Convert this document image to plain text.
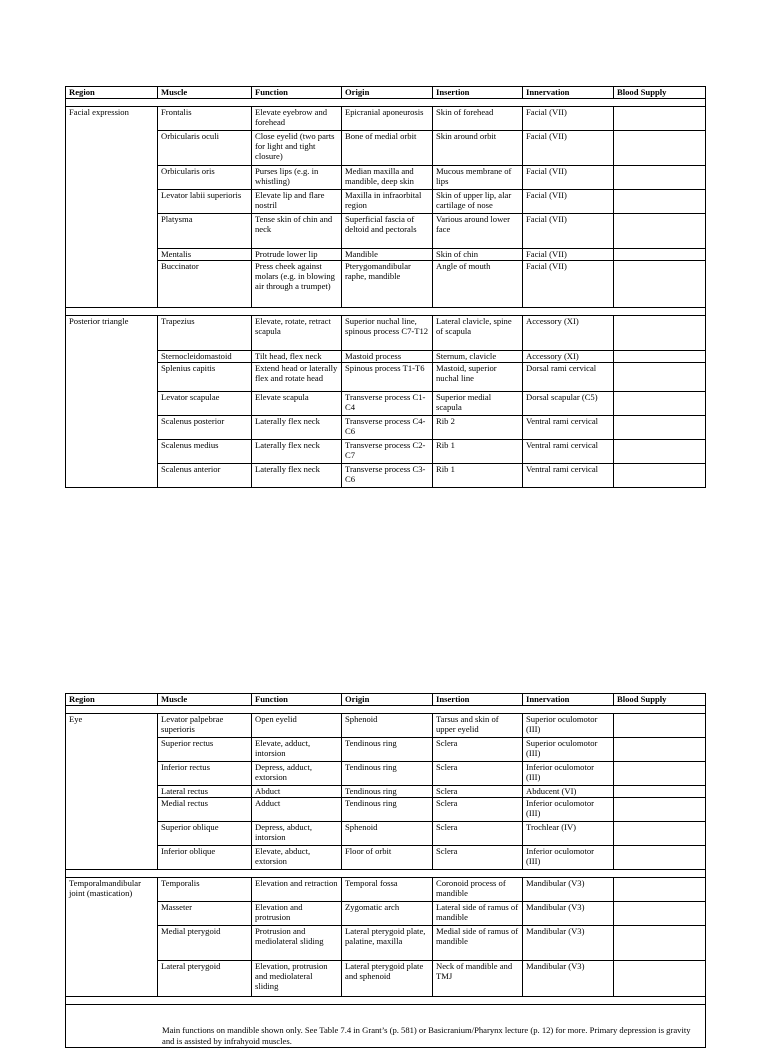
Region	Muscle	Function	Origin	Insertion	Innervation	Blood Supply

Facial expression	Frontalis	Elevate eyebrow and forehead	Epicranial aponeurosis	Skin of forehead	Facial (VII)	
	Orbicularis oculi	Close eyelid (two parts for light and tight closure)	Bone of medial orbit	Skin around orbit	Facial (VII)	
	Orbicularis oris	Purses lips (e.g. in whistling)	Median maxilla and mandible, deep skin	Mucous membrane of lips	Facial (VII)	
	Levator labii superioris	Elevate lip and flare nostril	Maxilla in infraorbital region	Skin of upper lip, alar cartilage of nose	Facial (VII)	
	Platysma	Tense skin of chin and neck	Superficial fascia of deltoid and pectorals	Various around lower face	Facial (VII)	
	Mentalis	Protrude lower lip	Mandible	Skin of chin	Facial (VII)	
	Buccinator	Press cheek against molars (e.g. in blowing air through a trumpet)	Pterygomandibular raphe, mandible	Angle of mouth	Facial (VII)	

Posterior triangle	Trapezius	Elevate, rotate, retract scapula	Superior nuchal line, spinous process C7-T12	Lateral clavicle, spine of scapula	Accessory (XI)	
	Sternocleidomastoid	Tilt head, flex neck	Mastoid process	Sternum, clavicle	Accessory (XI)	
	Splenius capitis	Extend head or laterally flex and rotate head	Spinous process T1-T6	Mastoid, superior nuchal line	Dorsal rami cervical	
	Levator scapulae	Elevate scapula	Transverse process C1-C4	Superior medial scapula	Dorsal scapular (C5)	
	Scalenus posterior	Laterally flex neck	Transverse process C4-C6	Rib 2	Ventral rami cervical	
	Scalenus medius	Laterally flex neck	Transverse process C2-C7	Rib 1	Ventral rami cervical	
	Scalenus anterior	Laterally flex neck	Transverse process C3-C6	Rib 1	Ventral rami cervical	
Region	Muscle	Function	Origin	Insertion	Innervation	Blood Supply

Eye	Levator palpebrae superioris	Open eyelid	Sphenoid	Tarsus and skin of upper eyelid	Superior oculomotor (III)	
	Superior rectus	Elevate, adduct, intorsion	Tendinous ring	Sclera	Superior oculomotor (III)	
	Inferior rectus	Depress, adduct, extorsion	Tendinous ring	Sclera	Inferior oculomotor (III)	
	Lateral rectus	Abduct	Tendinous ring	Sclera	Abducent (VI)	
	Medial rectus	Adduct	Tendinous ring	Sclera	Inferior oculomotor (III)	
	Superior oblique	Depress, abduct, intorsion	Sphenoid	Sclera	Trochlear (IV)	
	Inferior oblique	Elevate, abduct, extorsion	Floor of orbit	Sclera	Inferior oculomotor (III)	

Temporalmandibular joint (mastication)	Temporalis	Elevation and retraction	Temporal fossa	Coronoid process of mandible	Mandibular (V3)	
	Masseter	Elevation and protrusion	Zygomatic arch	Lateral side of ramus of mandible	Mandibular (V3)	
	Medial pterygoid	Protrusion and mediolateral sliding	Lateral pterygoid plate, palatine, maxilla	Medial side of ramus of mandible	Mandibular (V3)	
	Lateral pterygoid	Elevation, protrusion and mediolateral sliding	Lateral pterygoid plate and sphenoid	Neck of mandible and TMJ	Mandibular (V3)	

Main functions on mandible shown only. See Table 7.4 in Grant’s (p. 581) or Basicranium/Pharynx lecture (p. 12) for more. Primary depression is gravity and is assisted by infrahyoid muscles.						
